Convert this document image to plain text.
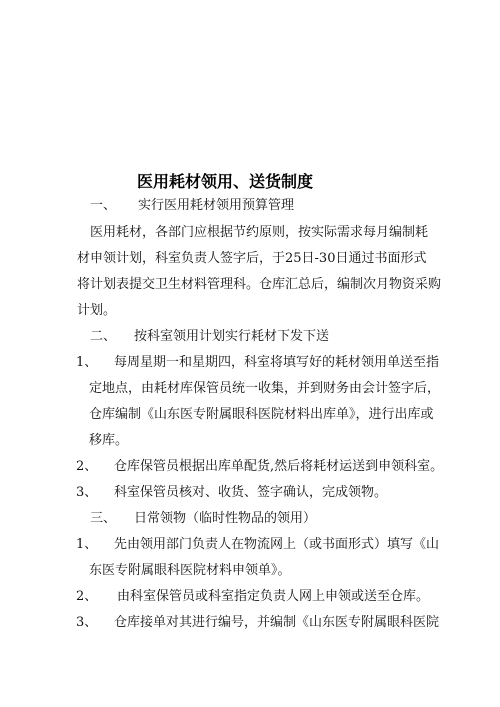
医用耗材领用、送货制度
一、 实行医用耗材领用预算管理
医用耗材，各部门应根据节约原则，按实际需求每月编制耗
材申领计划，科室负责人签字后，于25日-30日通过书面形式
将计划表提交卫生材料管理科。仓库汇总后，编制次月物资采购
计划。
二、 按科室领用计划实行耗材下发下送
1、 每周星期一和星期四，科室将填写好的耗材领用单送至指
定地点，由耗材库保管员统一收集，并到财务由会计签字后，
仓库编制《山东医专附属眼科医院材料出库单》，进行出库或
移库。
2、 仓库保管员根据出库单配货,然后将耗材运送到申领科室。
3、 科室保管员核对、收货、签字确认，完成领物。
三、 日常领物（临时性物品的领用）
1、 先由领用部门负责人在物流网上（或书面形式）填写《山
东医专附属眼科医院材料申领单》。
2、 由科室保管员或科室指定负责人网上申领或送至仓库。
3、 仓库接单对其进行编号，并编制《山东医专附属眼科医院
